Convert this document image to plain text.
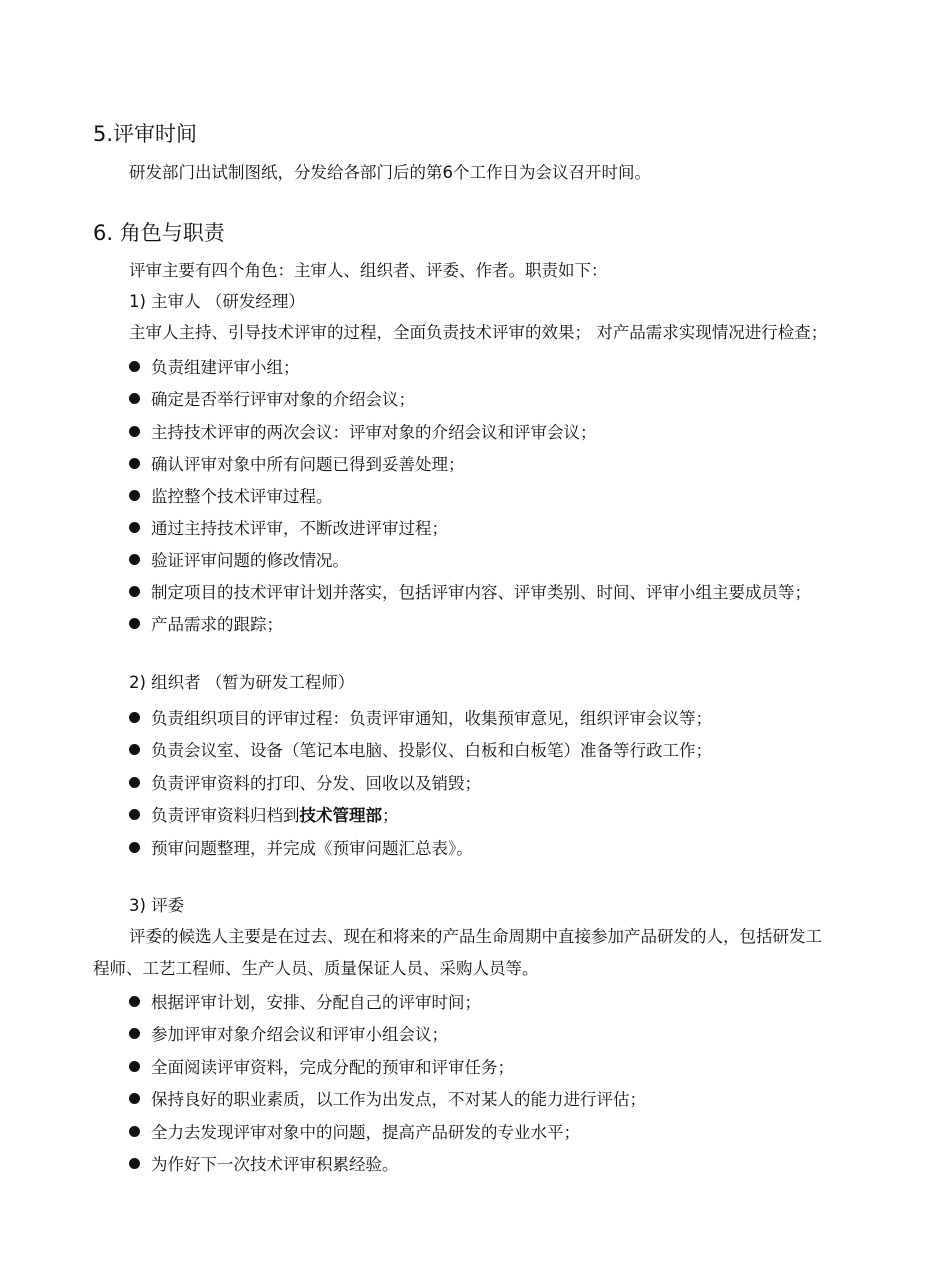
5.评审时间
研发部门出试制图纸，分发给各部门后的第6个工作日为会议召开时间。
6. 角色与职责
评审主要有四个角色：主审人、组织者、评委、作者。职责如下：
1) 主审人 （研发经理）
主审人主持、引导技术评审的过程，全面负责技术评审的效果； 对产品需求实现情况进行检查；
负责组建评审小组；
确定是否举行评审对象的介绍会议；
主持技术评审的两次会议：评审对象的介绍会议和评审会议；
确认评审对象中所有问题已得到妥善处理；
监控整个技术评审过程。
通过主持技术评审，不断改进评审过程；
验证评审问题的修改情况。
制定项目的技术评审计划并落实，包括评审内容、评审类别、时间、评审小组主要成员等；
产品需求的跟踪；
2) 组织者 （暂为研发工程师）
负责组织项目的评审过程：负责评审通知，收集预审意见，组织评审会议等；
负责会议室、设备（笔记本电脑、投影仪、白板和白板笔）准备等行政工作；
负责评审资料的打印、分发、回收以及销毁；
负责评审资料归档到 技术管理部 ；
预审问题整理，并完成《预审问题汇总表》。
3) 评委
评委的候选人主要是在过去、现在和将来的产品生命周期中直接参加产品研发的人，包括研发工
程师、工艺工程师、生产人员、质量保证人员、采购人员等。
根据评审计划，安排、分配自己的评审时间；
参加评审对象介绍会议和评审小组会议；
全面阅读评审资料，完成分配的预审和评审任务；
保持良好的职业素质，以工作为出发点，不对某人的能力进行评估；
全力去发现评审对象中的问题，提高产品研发的专业水平；
为作好下一次技术评审积累经验。
